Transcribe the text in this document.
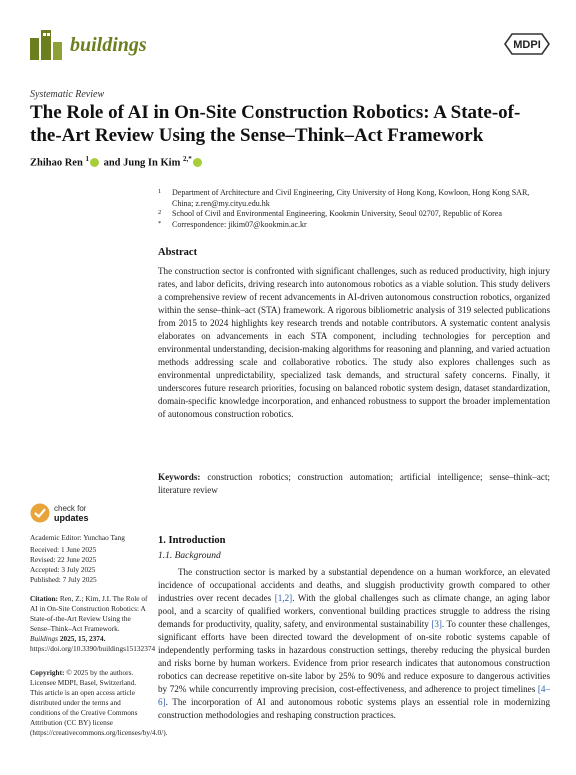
buildings	MDPI
Systematic Review
The Role of AI in On-Site Construction Robotics: A State-of-the-Art Review Using the Sense–Think–Act Framework
Zhihao Ren $^1$ and Jung In Kim $^{2,*}$
1 Department of Architecture and Civil Engineering, City University of Hong Kong, Kowloon, Hong Kong SAR, China; z.ren@my.cityu.edu.hk
2 School of Civil and Environmental Engineering, Kookmin University, Seoul 02707, Republic of Korea
* Correspondence: jikim07@kookmin.ac.kr
Abstract
The construction sector is confronted with significant challenges, such as reduced productivity, high injury rates, and labor deficits, driving research into autonomous robotics as a viable solution. This study delivers a comprehensive review of recent advancements in AI-driven autonomous construction robotics, organized within the sense–think–act (STA) framework. A rigorous bibliometric analysis of 319 selected publications from 2015 to 2024 highlights key research trends and notable contributors. A systematic content analysis elaborates on advancements in each STA component, including technologies for perception and environmental understanding, decision-making algorithms for reasoning and planning, and varied actuation methods addressing scale and collaborative robotics. The study also explores challenges such as environmental unpredictability, specialized task demands, and structural safety concerns. Finally, it underscores future research priorities, focusing on balanced robotic system design, dataset standardization, domain-specific knowledge incorporation, and enhanced robustness to support the broader implementation of autonomous construction robotics.
Keywords: construction robotics; construction automation; artificial intelligence; sense–think–act; literature review
check for
updates
Academic Editor: Yunchao Tang
Received: 1 June 2025
Revised: 22 June 2025
Accepted: 3 July 2025
Published: 7 July 2025
Citation: Ren, Z.; Kim, J.I. The Role of AI in On-Site Construction Robotics: A State-of-the-Art Review Using the Sense–Think–Act Framework. Buildings 2025, 15, 2374. https://doi.org/10.3390/buildings15132374
Copyright: © 2025 by the authors. Licensee MDPI, Basel, Switzerland. This article is an open access article distributed under the terms and conditions of the Creative Commons Attribution (CC BY) license (https://creativecommons.org/licenses/by/4.0/).
1. Introduction
1.1. Background
The construction sector is marked by a substantial dependence on a human workforce, an elevated incidence of occupational accidents and deaths, and sluggish productivity growth compared to other industries over recent decades [1,2]. With the global challenges such as climate change, an aging labor pool, and a scarcity of qualified workers, conventional building practices struggle to address the rising demands for productivity, quality, safety, and environmental sustainability [3]. To counter these challenges, significant efforts have been directed toward the development of on-site robotic systems capable of independently performing tasks in hazardous construction settings, thereby reducing the physical burden and risks borne by human workers. Evidence from prior research indicates that autonomous construction robotics can decrease repetitive on-site labor by 25% to 90% and reduce exposure to dangerous activities by 72% while concurrently improving precision, cost-effectiveness, and adherence to project timelines [4–6]. The incorporation of AI and autonomous robotic systems plays an essential role in modernizing construction methodologies and reshaping construction practices.
